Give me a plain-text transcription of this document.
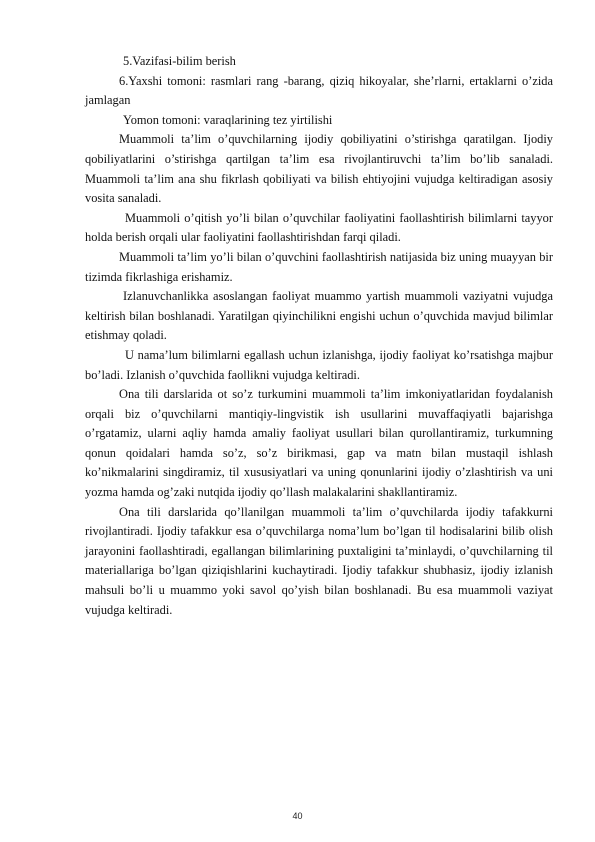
5.Vazifasi-bilim berish

6.Yaxshi tomoni: rasmlari rang -barang, qiziq hikoyalar, she’rlarni, ertaklarni o’zida jamlagan

Yomon tomoni: varaqlarining tez yirtilishi

Muammoli ta’lim o’quvchilarning ijodiy qobiliyatini o’stirishga qaratilgan. Ijodiy qobiliyatlarini o’stirishga qartilgan ta’lim esa rivojlantiruvchi ta’lim bo’lib sanaladi. Muammoli ta’lim ana shu fikrlash qobiliyati va bilish ehtiyojini vujudga keltiradigan asosiy vosita sanaladi.

Muammoli o’qitish yo’li bilan o’quvchilar faoliyatini faollashtirish bilimlarni tayyor holda berish orqali ular faoliyatini faollashtirishdan farqi qiladi.

Muammoli ta’lim yo’li bilan o’quvchini faollashtirish natijasida biz uning muayyan bir tizimda fikrlashiga erishamiz.

Izlanuvchanlikka asoslangan faoliyat muammo yartish muammoli vaziyatni vujudga keltirish bilan boshlanadi. Yaratilgan qiyinchilikni engishi uchun o’quvchida mavjud bilimlar etishmay qoladi.

U nama’lum bilimlarni egallash uchun izlanishga, ijodiy faoliyat ko’rsatishga majbur bo’ladi. Izlanish o’quvchida faollikni vujudga keltiradi.

Ona tili darslarida ot so’z turkumini muammoli ta’lim imkoniyatlaridan foydalanish orqali biz o’quvchilarni mantiqiy-lingvistik ish usullarini muvaffaqiyatli bajarishga o’rgatamiz, ularni aqliy hamda amaliy faoliyat usullari bilan qurollantiramiz, turkumning qonun qoidalari hamda so’z, so’z birikmasi, gap va matn bilan mustaqil ishlash ko’nikmalarini singdiramiz, til xususiyatlari va uning qonunlarini ijodiy o’zlashtirish va uni yozma hamda og’zaki nutqida ijodiy qo’llash malakalarini shakllantiramiz.

Ona tili darslarida qo’llanilgan muammoli ta’lim o’quvchilarda ijodiy tafakkurni rivojlantiradi. Ijodiy tafakkur esa o’quvchilarga noma’lum bo’lgan til hodisalarini bilib olish jarayonini faollashtiradi, egallangan bilimlarining puxtaligini ta’minlaydi, o’quvchilarning til materiallariga bo’lgan qiziqishlarini kuchaytiradi. Ijodiy tafakkur shubhasiz, ijodiy izlanish mahsuli bo’li u muammo yoki savol qo’yish bilan boshlanadi. Bu esa muammoli vaziyat vujudga keltiradi.

40
